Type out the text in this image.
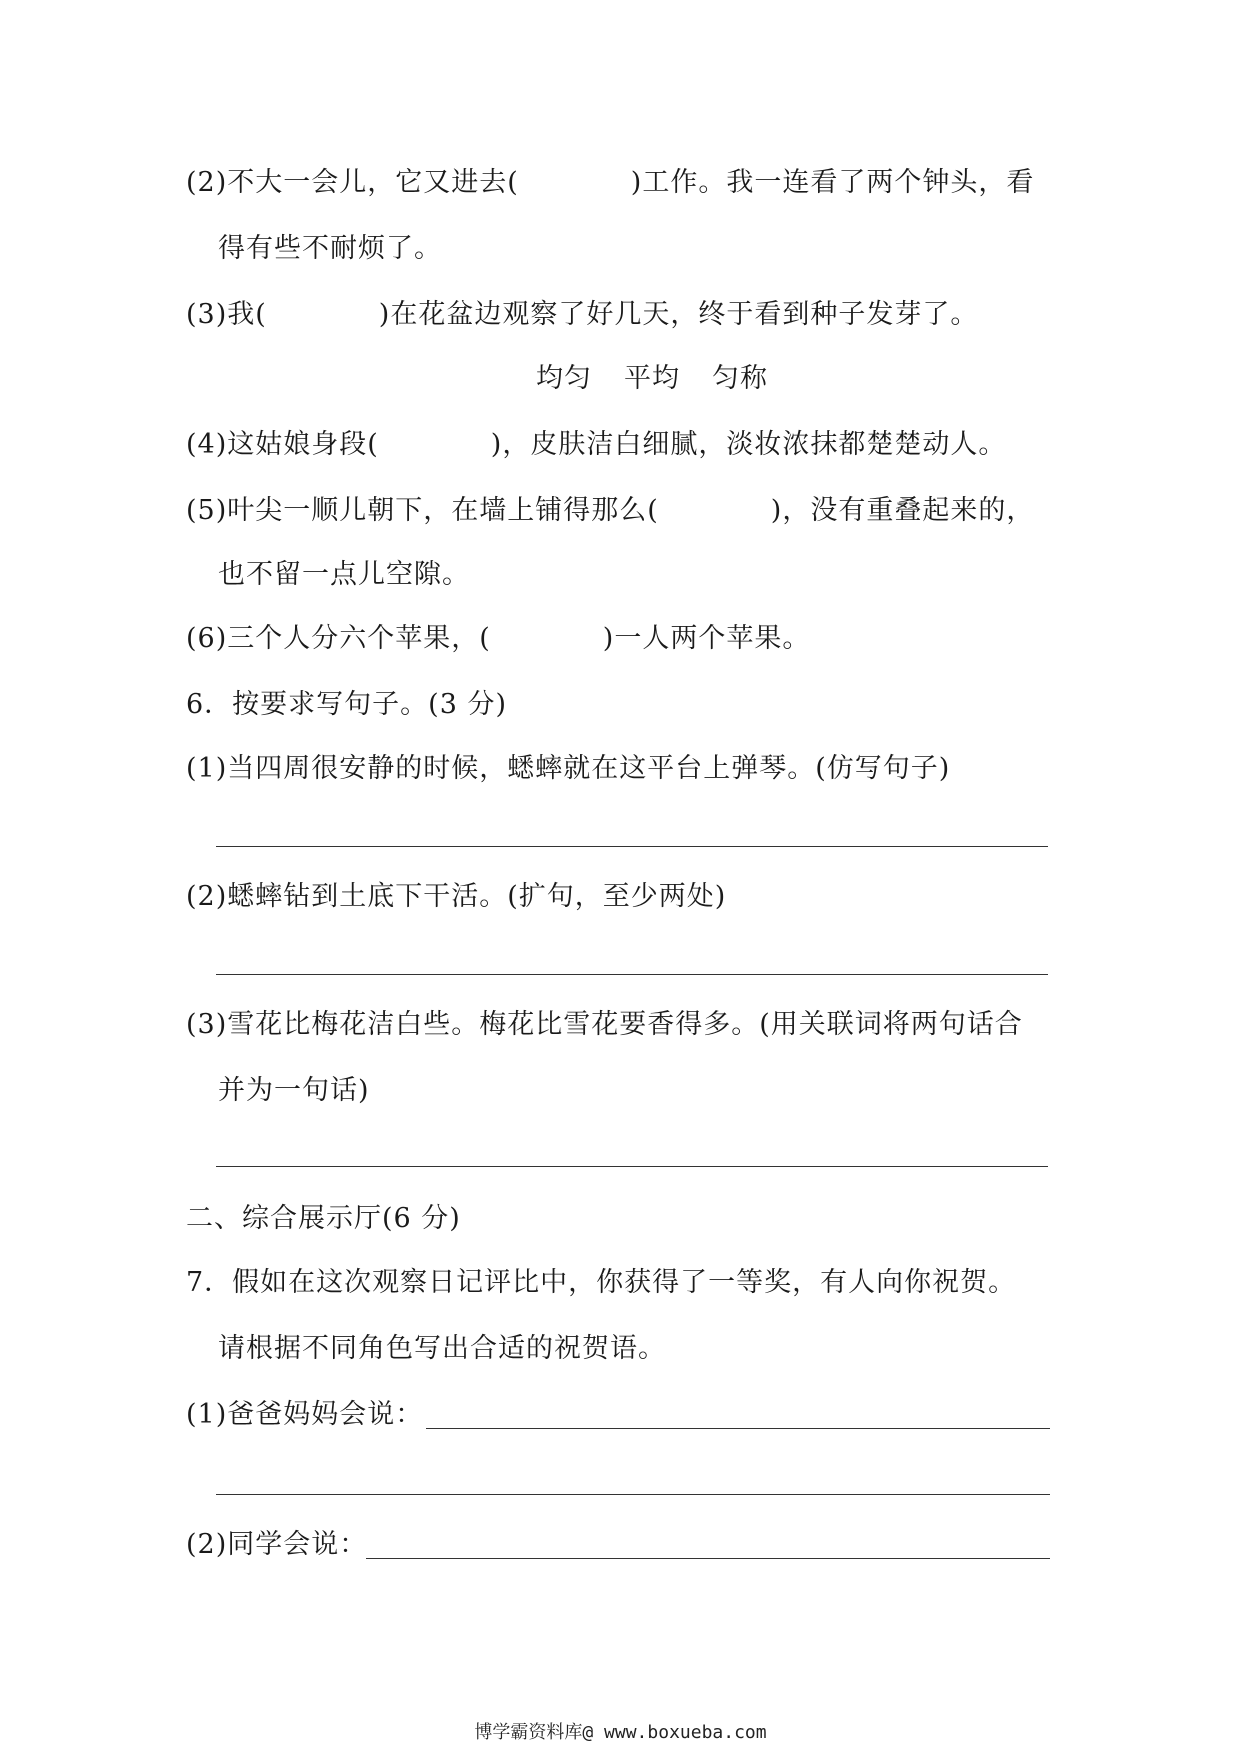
(2)不大一会儿，它又进去(	)工作。我一连看了两个钟头，看
得有些不耐烦了。
(3)我(	)在花盆边观察了好几天，终于看到种子发芽了。
均匀 平均 匀称
(4)这姑娘身段(	)，皮肤洁白细腻，淡妆浓抹都楚楚动人。
(5)叶尖一顺儿朝下，在墙上铺得那么(	)，没有重叠起来的，
也不留一点儿空隙。
(6)三个人分六个苹果，(	)一人两个苹果。
6．按要求写句子。(3 分)
(1)当四周很安静的时候，蟋蟀就在这平台上弹琴。(仿写句子)
(2)蟋蟀钻到土底下干活。(扩句，至少两处)
(3)雪花比梅花洁白些。梅花比雪花要香得多。(用关联词将两句话合
并为一句话)
二、综合展示厅(6 分)
7．假如在这次观察日记评比中，你获得了一等奖，有人向你祝贺。
请根据不同角色写出合适的祝贺语。
(1)爸爸妈妈会说：
(2)同学会说：
博学霸资料库@ www.boxueba.com
